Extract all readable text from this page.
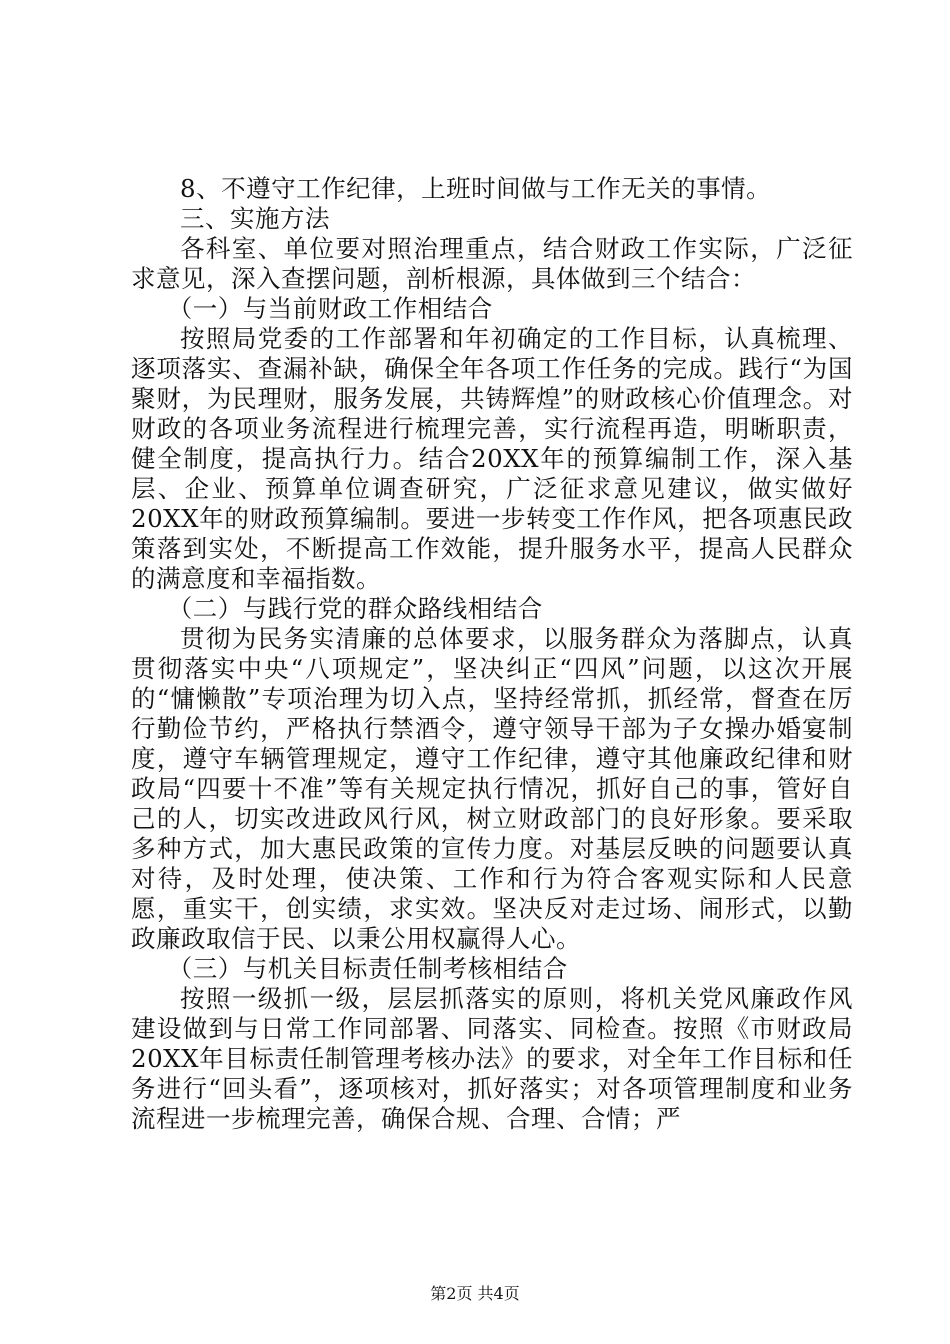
8、不遵守工作纪律，上班时间做与工作无关的事情。

三、实施方法

各科室、单位要对照治理重点，结合财政工作实际，广泛征求意见，深入查摆问题，剖析根源，具体做到三个结合：

（一）与当前财政工作相结合

按照局党委的工作部署和年初确定的工作目标，认真梳理、逐项落实、查漏补缺，确保全年各项工作任务的完成。践行“为国聚财，为民理财，服务发展，共铸辉煌”的财政核心价值理念。对财政的各项业务流程进行梳理完善，实行流程再造，明晰职责，健全制度，提高执行力。结合20XX年的预算编制工作，深入基层、企业、预算单位调查研究，广泛征求意见建议，做实做好20XX年的财政预算编制。要进一步转变工作作风，把各项惠民政策落到实处，不断提高工作效能，提升服务水平，提高人民群众的满意度和幸福指数。

（二）与践行党的群众路线相结合

贯彻为民务实清廉的总体要求，以服务群众为落脚点，认真贯彻落实中央“八项规定”，坚决纠正“四风”问题，以这次开展的“慵懒散”专项治理为切入点，坚持经常抓，抓经常，督查在厉行勤俭节约，严格执行禁酒令，遵守领导干部为子女操办婚宴制度，遵守车辆管理规定，遵守工作纪律，遵守其他廉政纪律和财政局“四要十不准”等有关规定执行情况，抓好自己的事，管好自己的人，切实改进政风行风，树立财政部门的良好形象。要采取多种方式，加大惠民政策的宣传力度。对基层反映的问题要认真对待，及时处理，使决策、工作和行为符合客观实际和人民意愿，重实干，创实绩，求实效。坚决反对走过场、闹形式，以勤政廉政取信于民、以秉公用权赢得人心。

（三）与机关目标责任制考核相结合

按照一级抓一级，层层抓落实的原则，将机关党风廉政作风建设做到与日常工作同部署、同落实、同检查。按照《市财政局20XX年目标责任制管理考核办法》的要求，对全年工作目标和任务进行“回头看”，逐项核对，抓好落实；对各项管理制度和业务流程进一步梳理完善，确保合规、合理、合情；严

第2页 共4页
